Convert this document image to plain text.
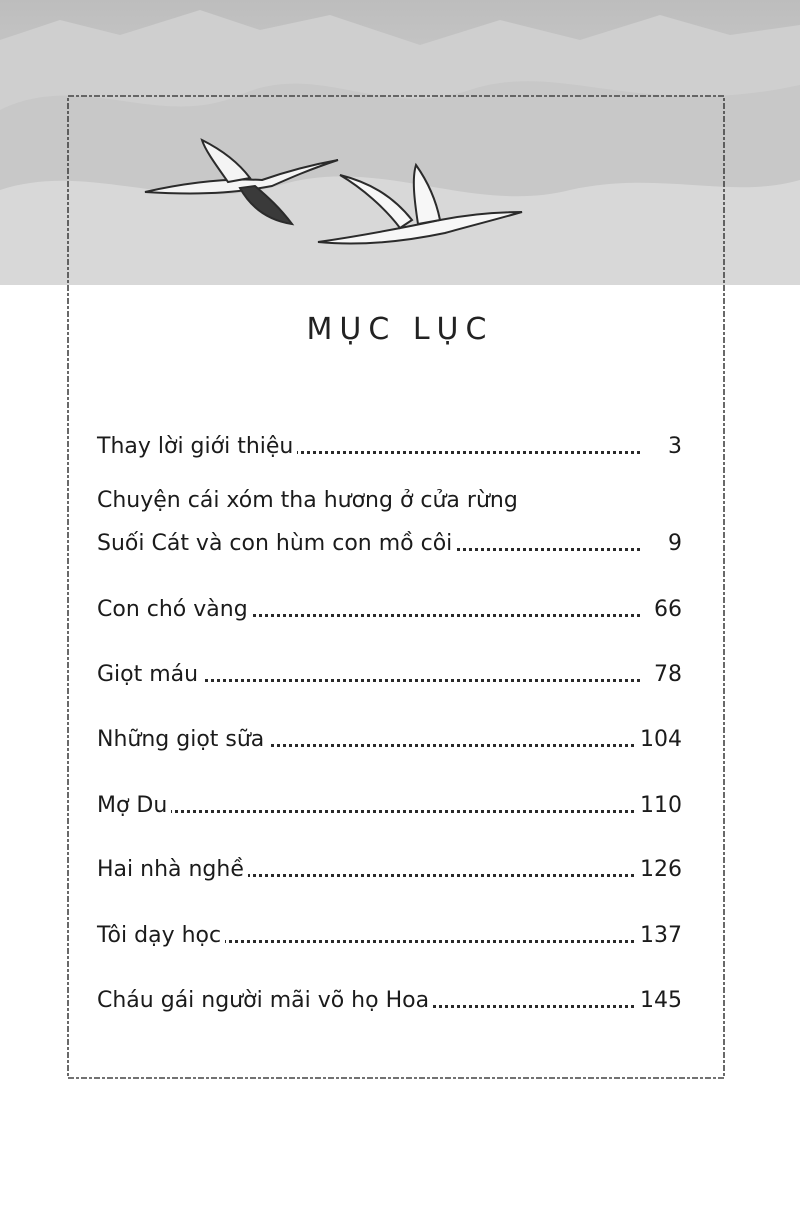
MỤC LỤC
Thay lời giới thiệu	3
Chuyện cái xóm tha hương ở cửa rừng
Suối Cát và con hùm con mồ côi	9
Con chó vàng	66
Giọt máu	78
Những giọt sữa	104
Mợ Du	110
Hai nhà nghề	126
Tôi dạy học	137
Cháu gái người mãi võ họ Hoa	145
